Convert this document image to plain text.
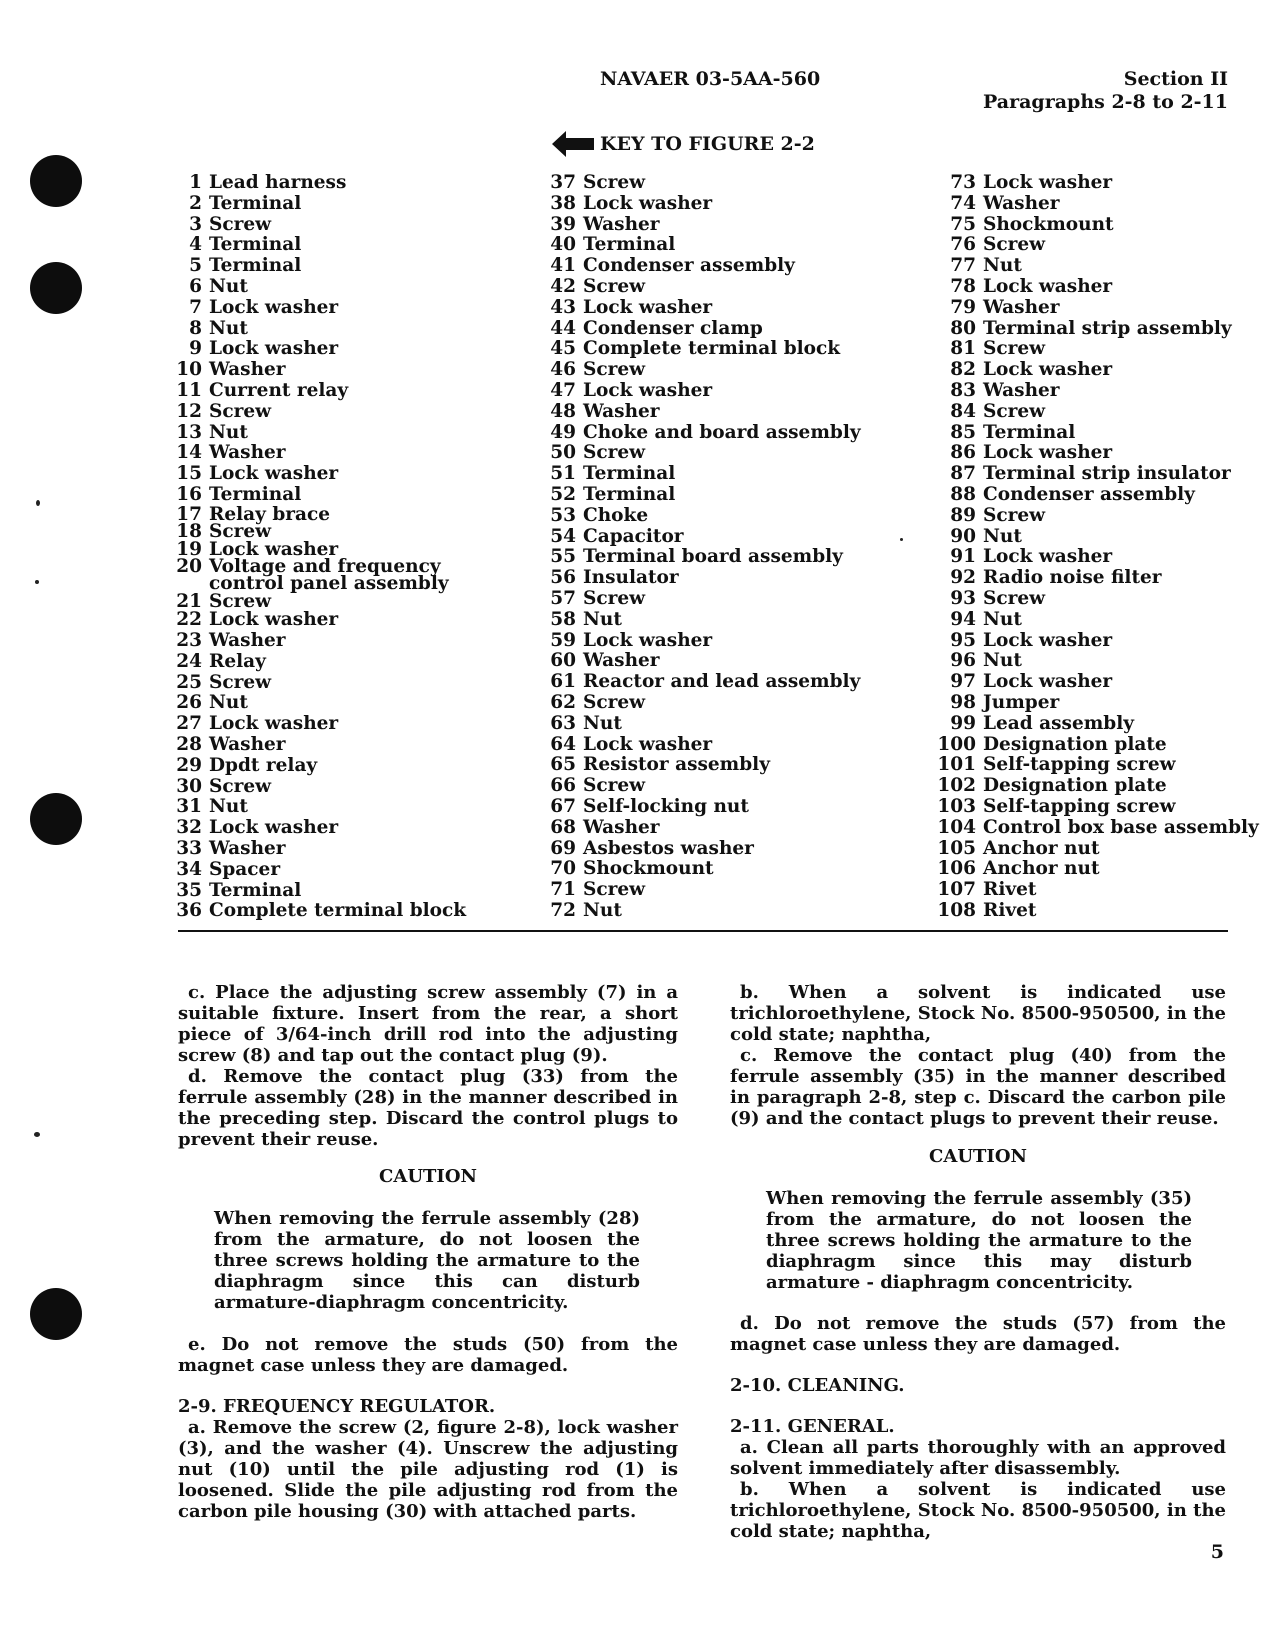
NAVAER 03-5AA-560	Section II
Paragraphs 2-8 to 2-11
KEY TO FIGURE 2-2
1 Lead harness
2 Terminal
3 Screw
4 Terminal
5 Terminal
6 Nut
7 Lock washer
8 Nut
9 Lock washer
10 Washer
11 Current relay
12 Screw
13 Nut
14 Washer
15 Lock washer
16 Terminal
17 Relay brace
18 Screw
19 Lock washer
20 Voltage and frequency
control panel assembly
21 Screw
22 Lock washer
23 Washer
24 Relay
25 Screw
26 Nut
27 Lock washer
28 Washer
29 Dpdt relay
30 Screw
31 Nut
32 Lock washer
33 Washer
34 Spacer
35 Terminal
36 Complete terminal block
37 Screw
38 Lock washer
39 Washer
40 Terminal
41 Condenser assembly
42 Screw
43 Lock washer
44 Condenser clamp
45 Complete terminal block
46 Screw
47 Lock washer
48 Washer
49 Choke and board assembly
50 Screw
51 Terminal
52 Terminal
53 Choke
54 Capacitor
55 Terminal board assembly
56 Insulator
57 Screw
58 Nut
59 Lock washer
60 Washer
61 Reactor and lead assembly
62 Screw
63 Nut
64 Lock washer
65 Resistor assembly
66 Screw
67 Self-locking nut
68 Washer
69 Asbestos washer
70 Shockmount
71 Screw
72 Nut
73 Lock washer
74 Washer
75 Shockmount
76 Screw
77 Nut
78 Lock washer
79 Washer
80 Terminal strip assembly
81 Screw
82 Lock washer
83 Washer
84 Screw
85 Terminal
86 Lock washer
87 Terminal strip insulator
88 Condenser assembly
89 Screw
90 Nut
91 Lock washer
92 Radio noise filter
93 Screw
94 Nut
95 Lock washer
96 Nut
97 Lock washer
98 Jumper
99 Lead assembly
100 Designation plate
101 Self-tapping screw
102 Designation plate
103 Self-tapping screw
104 Control box base assembly
105 Anchor nut
106 Anchor nut
107 Rivet
108 Rivet

c. Place the adjusting screw assembly (7) in a suitable fixture. Insert from the rear, a short piece of 3/64-inch drill rod into the adjusting screw (8) and tap out the contact plug (9).

d. Remove the contact plug (33) from the ferrule assembly (28) in the manner described in the preceding step. Discard the control plugs to prevent their reuse.

CAUTION
When removing the ferrule assembly (28) from the armature, do not loosen the three screws holding the armature to the diaphragm since this can disturb armature-diaphragm concentricity.

e. Do not remove the studs (50) from the magnet case unless they are damaged.

2-9. FREQUENCY REGULATOR.

a. Remove the screw (2, figure 2-8), lock washer (3), and the washer (4). Unscrew the adjusting nut (10) until the pile adjusting rod (1) is loosened. Slide the pile adjusting rod from the carbon pile housing (30) with attached parts.

b. When a solvent is indicated use trichloroethylene, Stock No. 8500-950500, in the cold state; naphtha,

c. Remove the contact plug (40) from the ferrule assembly (35) in the manner described in paragraph 2-8, step c. Discard the carbon pile (9) and the contact plugs to prevent their reuse.

CAUTION
When removing the ferrule assembly (35) from the armature, do not loosen the three screws holding the armature to the diaphragm since this may disturb armature - diaphragm concentricity.

d. Do not remove the studs (57) from the magnet case unless they are damaged.

2-10. CLEANING.

2-11. GENERAL.

a. Clean all parts thoroughly with an approved solvent immediately after disassembly.

b. When a solvent is indicated use trichloroethylene, Stock No. 8500-950500, in the cold state; naphtha,

5
